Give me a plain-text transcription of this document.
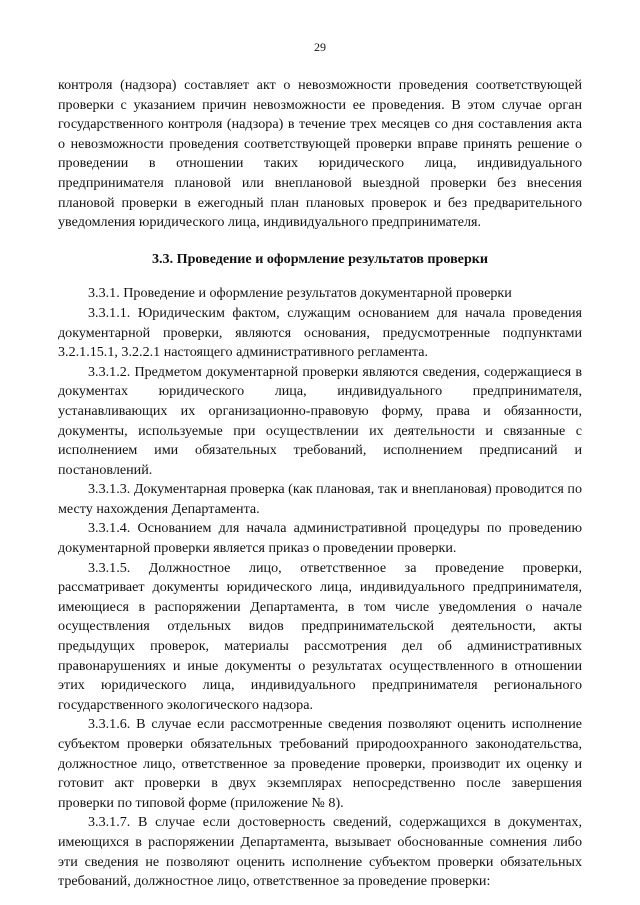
29

контроля (надзора) составляет акт о невозможности проведения соответствующей проверки с указанием причин невозможности ее проведения. В этом случае орган государственного контроля (надзора) в течение трех месяцев со дня составления акта о невозможности проведения соответствующей проверки вправе принять решение о проведении в отношении таких юридического лица, индивидуального предпринимателя плановой или внеплановой выездной проверки без внесения плановой проверки в ежегодный план плановых проверок и без предварительного уведомления юридического лица, индивидуального предпринимателя.

3.3. Проведение и оформление результатов проверки

3.3.1. Проведение и оформление результатов документарной проверки

3.3.1.1. Юридическим фактом, служащим основанием для начала проведения документарной проверки, являются основания, предусмотренные подпунктами 3.2.1.15.1, 3.2.2.1 настоящего административного регламента.

3.3.1.2. Предметом документарной проверки являются сведения, содержащиеся в документах юридического лица, индивидуального предпринимателя, устанавливающих их организационно-правовую форму, права и обязанности, документы, используемые при осуществлении их деятельности и связанные с исполнением ими обязательных требований, исполнением предписаний и постановлений.

3.3.1.3. Документарная проверка (как плановая, так и внеплановая) проводится по месту нахождения Департамента.

3.3.1.4. Основанием для начала административной процедуры по проведению документарной проверки является приказ о проведении проверки.

3.3.1.5. Должностное лицо, ответственное за проведение проверки, рассматривает документы юридического лица, индивидуального предпринимателя, имеющиеся в распоряжении Департамента, в том числе уведомления о начале осуществления отдельных видов предпринимательской деятельности, акты предыдущих проверок, материалы рассмотрения дел об административных правонарушениях и иные документы о результатах осуществленного в отношении этих юридического лица, индивидуального предпринимателя регионального государственного экологического надзора.

3.3.1.6. В случае если рассмотренные сведения позволяют оценить исполнение субъектом проверки обязательных требований природоохранного законодательства, должностное лицо, ответственное за проведение проверки, производит их оценку и готовит акт проверки в двух экземплярах непосредственно после завершения проверки по типовой форме (приложение № 8).

3.3.1.7. В случае если достоверность сведений, содержащихся в документах, имеющихся в распоряжении Департамента, вызывает обоснованные сомнения либо эти сведения не позволяют оценить исполнение субъектом проверки обязательных требований, должностное лицо, ответственное за проведение проверки:
